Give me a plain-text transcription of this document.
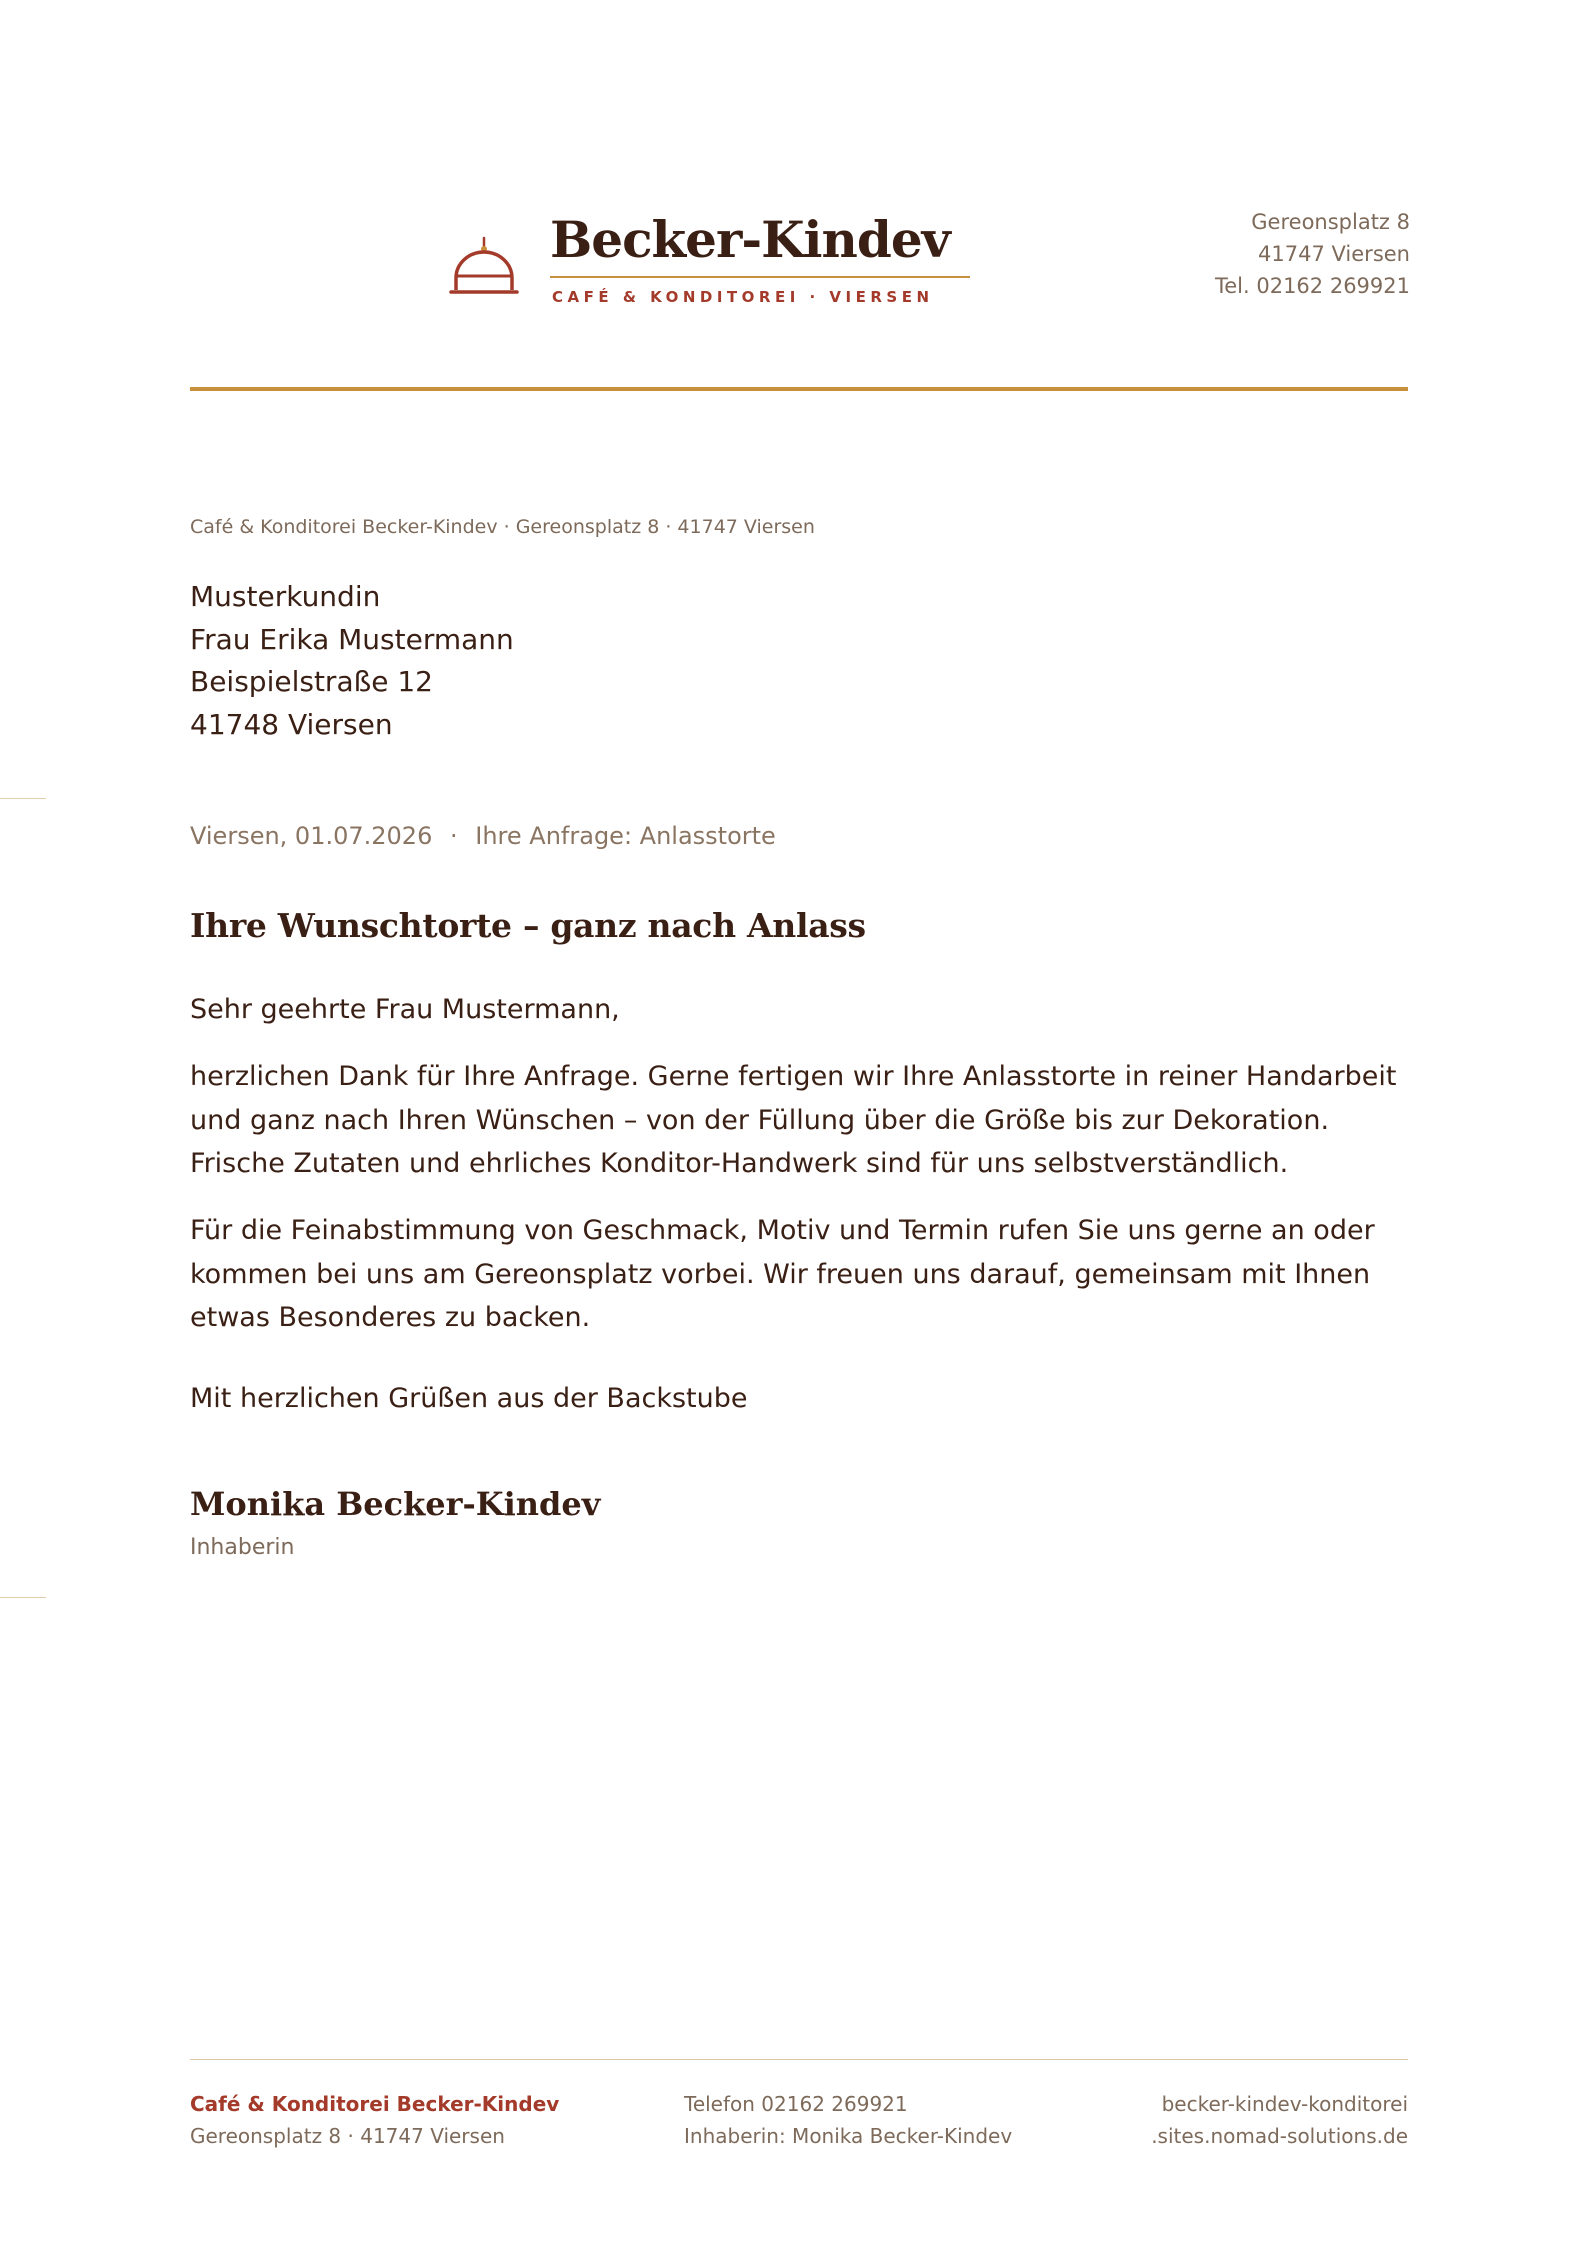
Becker-Kindev
CAFÉ & KONDITOREI · VIERSEN
Gereonsplatz 8
41747 Viersen
Tel. 02162 269921
Café & Konditorei Becker-Kindev · Gereonsplatz 8 · 41747 Viersen
Musterkundin
Frau Erika Mustermann
Beispielstraße 12
41748 Viersen
Viersen, 01.07.2026 · Ihre Anfrage: Anlasstorte
Ihre Wunschtorte – ganz nach Anlass
Sehr geehrte Frau Mustermann,

herzlichen Dank für Ihre Anfrage. Gerne fertigen wir Ihre Anlasstorte in reiner Handarbeit und ganz nach Ihren Wünschen – von der Füllung über die Größe bis zur Dekoration. Frische Zutaten und ehrliches Konditor-Handwerk sind für uns selbstverständlich.

Für die Feinabstimmung von Geschmack, Motiv und Termin rufen Sie uns gerne an oder kommen bei uns am Gereonsplatz vorbei. Wir freuen uns darauf, gemeinsam mit Ihnen etwas Besonderes zu backen.

Mit herzlichen Grüßen aus der Backstube
Monika Becker-Kindev
Inhaberin
Café & Konditorei Becker-Kindev
Gereonsplatz 8 · 41747 Viersen
Telefon 02162 269921
Inhaberin: Monika Becker-Kindev
becker-kindev-konditorei
.sites.nomad-solutions.de
